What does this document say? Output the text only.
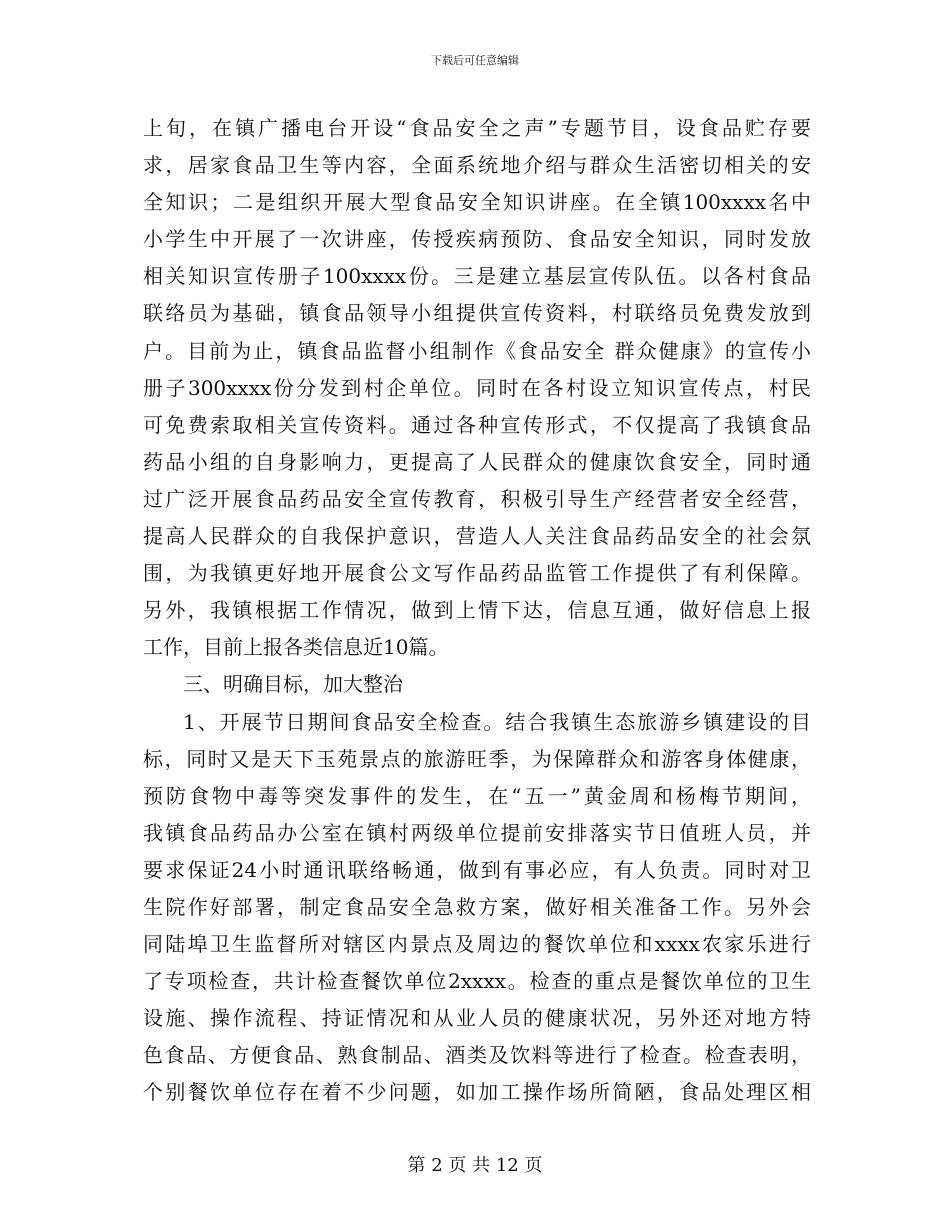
下载后可任意编辑
上旬，在镇广播电台开设“食品安全之声”专题节目，设食品贮存要
求，居家食品卫生等内容，全面系统地介绍与群众生活密切相关的安
全知识；二是组织开展大型食品安全知识讲座。在全镇100xxxx名中
小学生中开展了一次讲座，传授疾病预防、食品安全知识，同时发放
相关知识宣传册子100xxxx份。三是建立基层宣传队伍。以各村食品
联络员为基础，镇食品领导小组提供宣传资料，村联络员免费发放到
户。目前为止，镇食品监督小组制作《食品安全 群众健康》的宣传小
册子300xxxx份分发到村企单位。同时在各村设立知识宣传点，村民
可免费索取相关宣传资料。通过各种宣传形式，不仅提高了我镇食品
药品小组的自身影响力，更提高了人民群众的健康饮食安全，同时通
过广泛开展食品药品安全宣传教育，积极引导生产经营者安全经营，
提高人民群众的自我保护意识，营造人人关注食品药品安全的社会氛
围，为我镇更好地开展食公文写作品药品监管工作提供了有利保障。
另外，我镇根据工作情况，做到上情下达，信息互通，做好信息上报
工作，目前上报各类信息近10篇。
三、明确目标，加大整治
1、开展节日期间食品安全检查。结合我镇生态旅游乡镇建设的目
标，同时又是天下玉苑景点的旅游旺季，为保障群众和游客身体健康，
预防食物中毒等突发事件的发生，在“五一”黄金周和杨梅节期间，
我镇食品药品办公室在镇村两级单位提前安排落实节日值班人员，并
要求保证24小时通讯联络畅通，做到有事必应，有人负责。同时对卫
生院作好部署，制定食品安全急救方案，做好相关准备工作。另外会
同陆埠卫生监督所对辖区内景点及周边的餐饮单位和xxxx农家乐进行
了专项检查，共计检查餐饮单位2xxxx。检查的重点是餐饮单位的卫生
设施、操作流程、持证情况和从业人员的健康状况，另外还对地方特
色食品、方便食品、熟食制品、酒类及饮料等进行了检查。检查表明，
个别餐饮单位存在着不少问题，如加工操作场所简陋，食品处理区相
第 2 页 共 12 页
